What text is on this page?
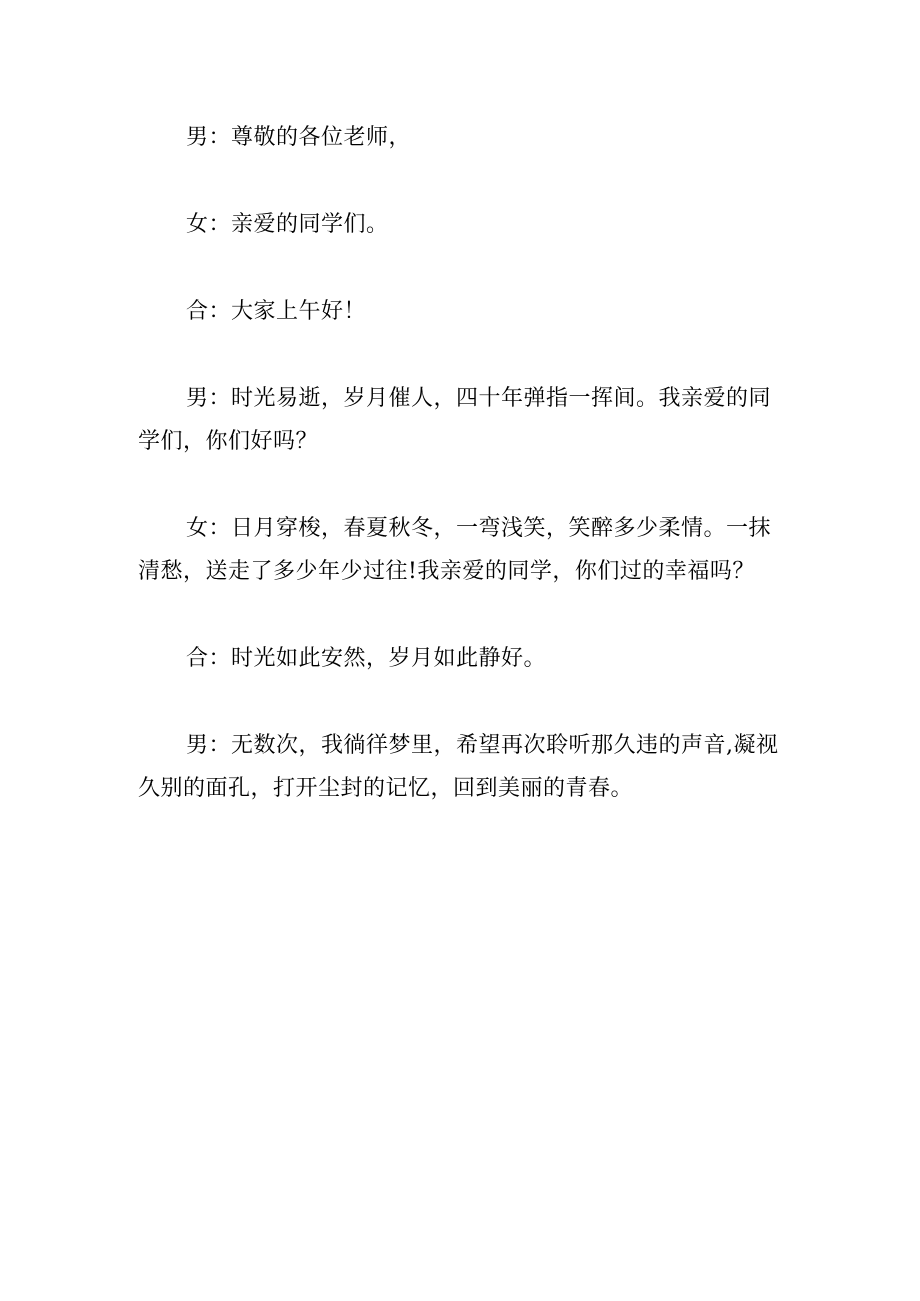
男：尊敬的各位老师，

女：亲爱的同学们。

合：大家上午好！

男：时光易逝，岁月催人，四十年弹指一挥间。我亲爱的同学们，你们好吗？

女：日月穿梭，春夏秋冬，一弯浅笑，笑醉多少柔情。一抹清愁，送走了多少年少过往!我亲爱的同学，你们过的幸福吗？

合：时光如此安然，岁月如此静好。

男：无数次，我徜徉梦里，希望再次聆听那久违的声音,凝视久别的面孔，打开尘封的记忆，回到美丽的青春。
